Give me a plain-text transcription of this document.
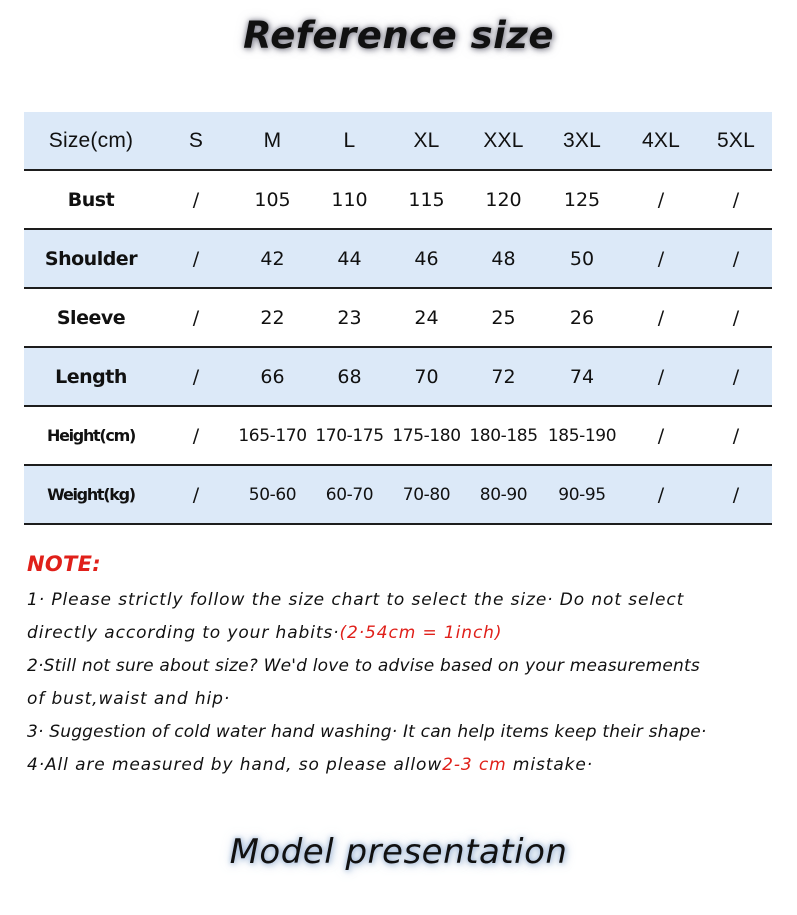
Reference size
Size(cm)	S	M	L	XL	XXL	3XL	4XL	5XL
Bust	/	105	110	115	120	125	/	/
Shoulder	/	42	44	46	48	50	/	/
Sleeve	/	22	23	24	25	26	/	/
Length	/	66	68	70	72	74	/	/
Height(cm)	/	165-170	170-175	175-180	180-185	185-190	/	/
Weight(kg)	/	50-60	60-70	70-80	80-90	90-95	/	/
NOTE:
1· Please strictly follow the size chart to select the size· Do not select
directly according to your habits·(2·54cm = 1inch)
2·Still not sure about size? We'd love to advise based on your measurements
of bust,waist and hip·
3· Suggestion of cold water hand washing· It can help items keep their shape·
4·All are measured by hand, so please allow2-3 cm mistake·
Model presentation
